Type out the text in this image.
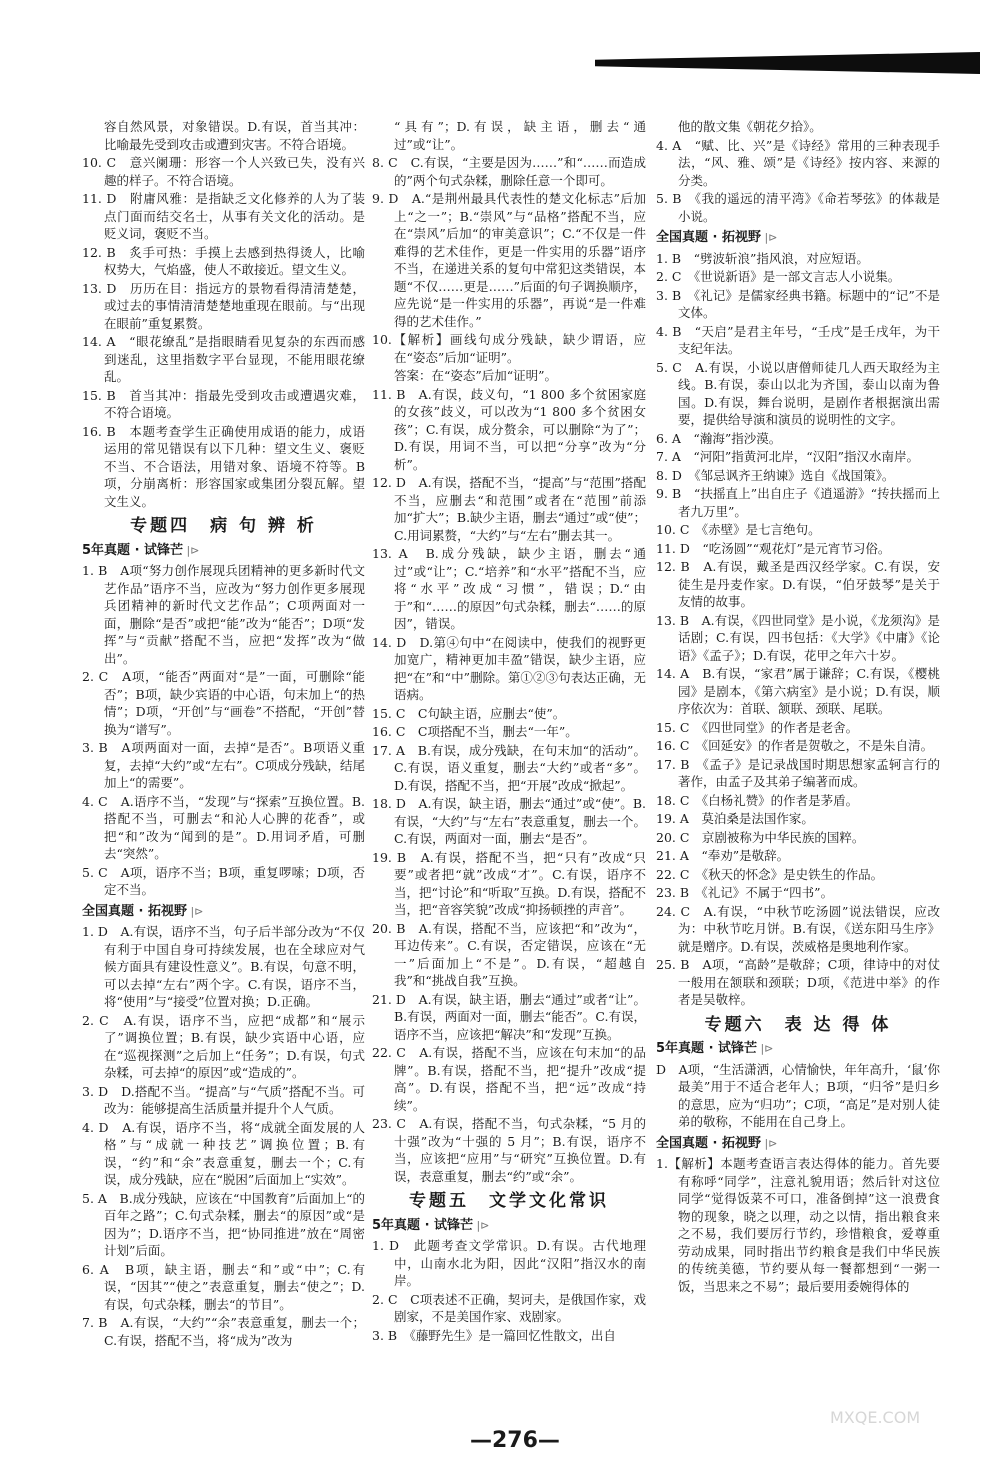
容自然风景，对象错误。D.有误，首当其冲：比喻最先受到攻击或遭到灾害。不符合语境。
10. C　意兴阑珊：形容一个人兴致已失，没有兴趣的样子。不符合语境。
11. D　附庸风雅：是指缺乏文化修养的人为了装点门面而结交名士，从事有关文化的活动。是贬义词，褒贬不当。
12. B　炙手可热：手摸上去感到热得烫人，比喻权势大，气焰盛，使人不敢接近。望文生义。
13. D　历历在目：指远方的景物看得清清楚楚，或过去的事情清清楚楚地重现在眼前。与“出现在眼前”重复累赘。
14. A　“眼花缭乱”是指眼睛看见复杂的东西而感到迷乱，这里指数字平台显现，不能用眼花缭乱。
15. B　首当其冲：指最先受到攻击或遭遇灾难，不符合语境。
16. B　本题考查学生正确使用成语的能力，成语运用的常见错误有以下几种：望文生义、褒贬不当、不合语法，用错对象、语境不符等。B项，分崩离析：形容国家或集团分裂瓦解。望文生义。
专题四　病 句 辨 析
5年真题 · 试锋芒 |⊳
1. B　A项“努力创作展现兵团精神的更多新时代文艺作品”语序不当，应改为“努力创作更多展现兵团精神的新时代文艺作品”；C项两面对一面，删除“是否”或把“能”改为“能否”；D项“发挥”与“贡献”搭配不当，应把“发挥”改为“做出”。
2. C　A项，“能否”两面对“是”一面，可删除“能否”；B项，缺少宾语的中心语，句末加上“的热情”；D项，“开创”与“画卷”不搭配，“开创”替换为“谱写”。
3. B　A项两面对一面，去掉“是否”。B项语义重复，去掉“大约”或“左右”。C项成分残缺，结尾加上“的需要”。
4. C　A.语序不当，“发现”与“探索”互换位置。B.搭配不当，可删去“和沁人心脾的花香”，或把“和”改为“闻到的是”。D.用词矛盾，可删去“突然”。
5. C　A项，语序不当；B项，重复啰嗦；D项，否定不当。
全国真题 · 拓视野 |⊳
1. D　A.有误，语序不当，句子后半部分改为“不仅有利于中国自身可持续发展，也在全球应对气候方面具有建设性意义”。B.有误，句意不明，可以去掉“左右”两个字。C.有误，语序不当，将“使用”与“接受”位置对换；D.正确。
2. C　A.有误，语序不当，应把“成都”和“展示了”调换位置；B.有误，缺少宾语中心语，应在“巡视探测”之后加上“任务”；D.有误，句式杂糅，可去掉“的原因”或“造成的”。
3. D　D.搭配不当。“提高”与“气质”搭配不当。可改为：能够提高生活质量并提升个人气质。
4. D　A.有误，语序不当，将“成就全面发展的人格”与“成就一种技艺”调换位置；B.有误，“约”和“余”表意重复，删去一个；C.有误，成分残缺，应在“脱困”后面加上“实效”。
5. A　B.成分残缺，应该在“中国教育”后面加上“的百年之路”；C.句式杂糅，删去“的原因”或“是因为”；D.语序不当，把“协同推进”放在“周密计划”后面。
6. A　B项，缺主语，删去“和”或“中”；C.有误，“因其”“使之”表意重复，删去“使之”；D.有误，句式杂糅，删去“的节目”。
7. B　A.有误，“大约”“余”表意重复，删去一个；C.有误，搭配不当，将“成为”改为
“具有”；D.有误，缺主语，删去“通过”或“让”。
8. C　C.有误，“主要是因为……”和“……而造成的”两个句式杂糅，删除任意一个即可。
9. D　A.“是荆州最具代表性的楚文化标志”后加上“之一”；B.“崇风”与“品格”搭配不当，应在“崇风”后加“的审美意识”；C.“不仅是一件难得的艺术佳作，更是一件实用的乐器”语序不当，在递进关系的复句中常犯这类错误，本题“不仅……更是……”后面的句子调换顺序，应先说“是一件实用的乐器”，再说“是一件难得的艺术佳作。”
10.【解析】画线句成分残缺，缺少谓语，应在“姿态”后加“证明”。
答案：在“姿态”后加“证明”。
11. B　A.有误，歧义句，“1 800 多个贫困家庭的女孩”歧义，可以改为“1 800 多个贫困女孩”；C.有误，成分赘余，可以删除“为了”；D.有误，用词不当，可以把“分享”改为“分析”。
12. D　A.有误，搭配不当，“提高”与“范围”搭配不当，应删去“和范围”或者在“范围”前添加“扩大”；B.缺少主语，删去“通过”或“使”；C.用词累赘，“大约”与“左右”删去其一。
13. A　B.成分残缺，缺少主语，删去“通过”或“让”；C.“培养”和“水平”搭配不当，应将“水平”改成“习惯”，错误；D.“由于”和“……的原因”句式杂糅，删去“……的原因”，错误。
14. D　D.第④句中“在阅读中，使我们的视野更加宽广，精神更加丰盈”错误，缺少主语，应把“在”和“中”删除。第①②③句表达正确，无语病。
15. C　C句缺主语，应删去“使”。
16. C　C项搭配不当，删去“一年”。
17. A　B.有误，成分残缺，在句末加“的活动”。C.有误，语义重复，删去“大约”或者“多”。D.有误，搭配不当，把“开展”改成“掀起”。
18. D　A.有误，缺主语，删去“通过”或“使”。B.有误，“大约”与“左右”表意重复，删去一个。C.有误，两面对一面，删去“是否”。
19. B　A.有误，搭配不当，把“只有”改成“只要”或者把“就”改成“才”。C.有误，语序不当，把“讨论”和“听取”互换。D.有误，搭配不当，把“音容笑貌”改成“抑扬顿挫的声音”。
20. B　A.有误，搭配不当，应该把“和”改为“，耳边传来”。C.有误，否定错误，应该在“无一”后面加上“不是”。D.有误，“超越自我”和“挑战自我”互换。
21. D　A.有误，缺主语，删去“通过”或者“让”。B.有误，两面对一面，删去“能否”。C.有误，语序不当，应该把“解决”和“发现”互换。
22. C　A.有误，搭配不当，应该在句末加“的品牌”。B.有误，搭配不当，把“提升”改成“提高”。D.有误，搭配不当，把“远”改成“持续”。
23. C　A.有误，搭配不当，句式杂糅，“5 月的十强”改为“十强的 5 月”；B.有误，语序不当，应该把“应用”与“研究”互换位置。D.有误，表意重复，删去“约”或“余”。
专题五　文学文化常识
5年真题 · 试锋芒 |⊳
1. D　此题考查文学常识。D.有误。古代地理中，山南水北为阳，因此“汉阳”指汉水的南岸。
2. C　C项表述不正确，契诃夫，是俄国作家，戏剧家，不是美国作家、戏剧家。
3. B　《藤野先生》是一篇回忆性散文，出自
他的散文集《朝花夕拾》。
4. A　“赋、比、兴”是《诗经》常用的三种表现手法，“风、雅、颂”是《诗经》按内容、来源的分类。
5. B　《我的遥远的清平湾》《命若琴弦》的体裁是小说。
全国真题 · 拓视野 |⊳
1. B　“劈波斩浪”指风浪，对应短语。
2. C　《世说新语》是一部文言志人小说集。
3. B　《礼记》是儒家经典书籍。标题中的“记”不是文体。
4. B　“天启”是君主年号，“壬戌”是壬戌年，为干支纪年法。
5. C　A.有误，小说以唐僧师徒几人西天取经为主线。B.有误，泰山以北为齐国，泰山以南为鲁国。D.有误，舞台说明，是剧作者根据演出需要，提供给导演和演员的说明性的文字。
6. A　“瀚海”指沙漠。
7. A　“河阳”指黄河北岸，“汉阳”指汉水南岸。
8. D　《邹忌讽齐王纳谏》选自《战国策》。
9. B　“扶摇直上”出自庄子《逍遥游》“抟扶摇而上者九万里”。
10. C　《赤壁》是七言绝句。
11. D　“吃汤圆”“观花灯”是元宵节习俗。
12. B　A.有误，戴圣是西汉经学家。C.有误，安徒生是丹麦作家。D.有误，“伯牙鼓琴”是关于友情的故事。
13. B　A.有误，《四世同堂》是小说，《龙须沟》是话剧；C.有误，四书包括：《大学》《中庸》《论语》《孟子》；D.有误，花甲之年六十岁。
14. A　B.有误，“家君”属于谦辞；C.有误，《樱桃园》是剧本，《第六病室》是小说；D.有误，顺序依次为：首联、颔联、颈联、尾联。
15. C　《四世同堂》的作者是老舍。
16. C　《回延安》的作者是贺敬之，不是朱自清。
17. B　《孟子》是记录战国时期思想家孟轲言行的著作，由孟子及其弟子编著而成。
18. C　《白杨礼赞》的作者是茅盾。
19. A　莫泊桑是法国作家。
20. C　京剧被称为中华民族的国粹。
21. A　“奉劝”是敬辞。
22. C　《秋天的怀念》是史铁生的作品。
23. B　《礼记》不属于“四书”。
24. C　A.有误，“中秋节吃汤圆”说法错误，应改为：中秋节吃月饼。B.有误，《送东阳马生序》就是赠序。D.有误，茨威格是奥地利作家。
25. B　A项，“高龄”是敬辞；C项，律诗中的对仗一般用在颔联和颈联；D项，《范进中举》的作者是吴敬梓。
专题六　表 达 得 体
5年真题 · 试锋芒 |⊳
D　A项，“生活潇洒，心情愉快，年年高升，‘鼠’你最美”用于不适合老年人；B项，“归爷”是归乡的意思，应为“归功”；C项，“高足”是对别人徒弟的敬称，不能用在自己身上。
全国真题 · 拓视野 |⊳
1.【解析】本题考查语言表达得体的能力。首先要有称呼“同学”，注意礼貌用语；然后针对这位同学“觉得饭菜不可口，准备倒掉”这一浪费食物的现象，晓之以理，动之以情，指出粮食来之不易，我们要厉行节约，珍惜粮食，爱尊重劳动成果，同时指出节约粮食是我们中华民族的传统美德，节约要从每一餐都想到“一粥一饭，当思来之不易”；最后要用委婉得体的
—276—
MXQE.COM
